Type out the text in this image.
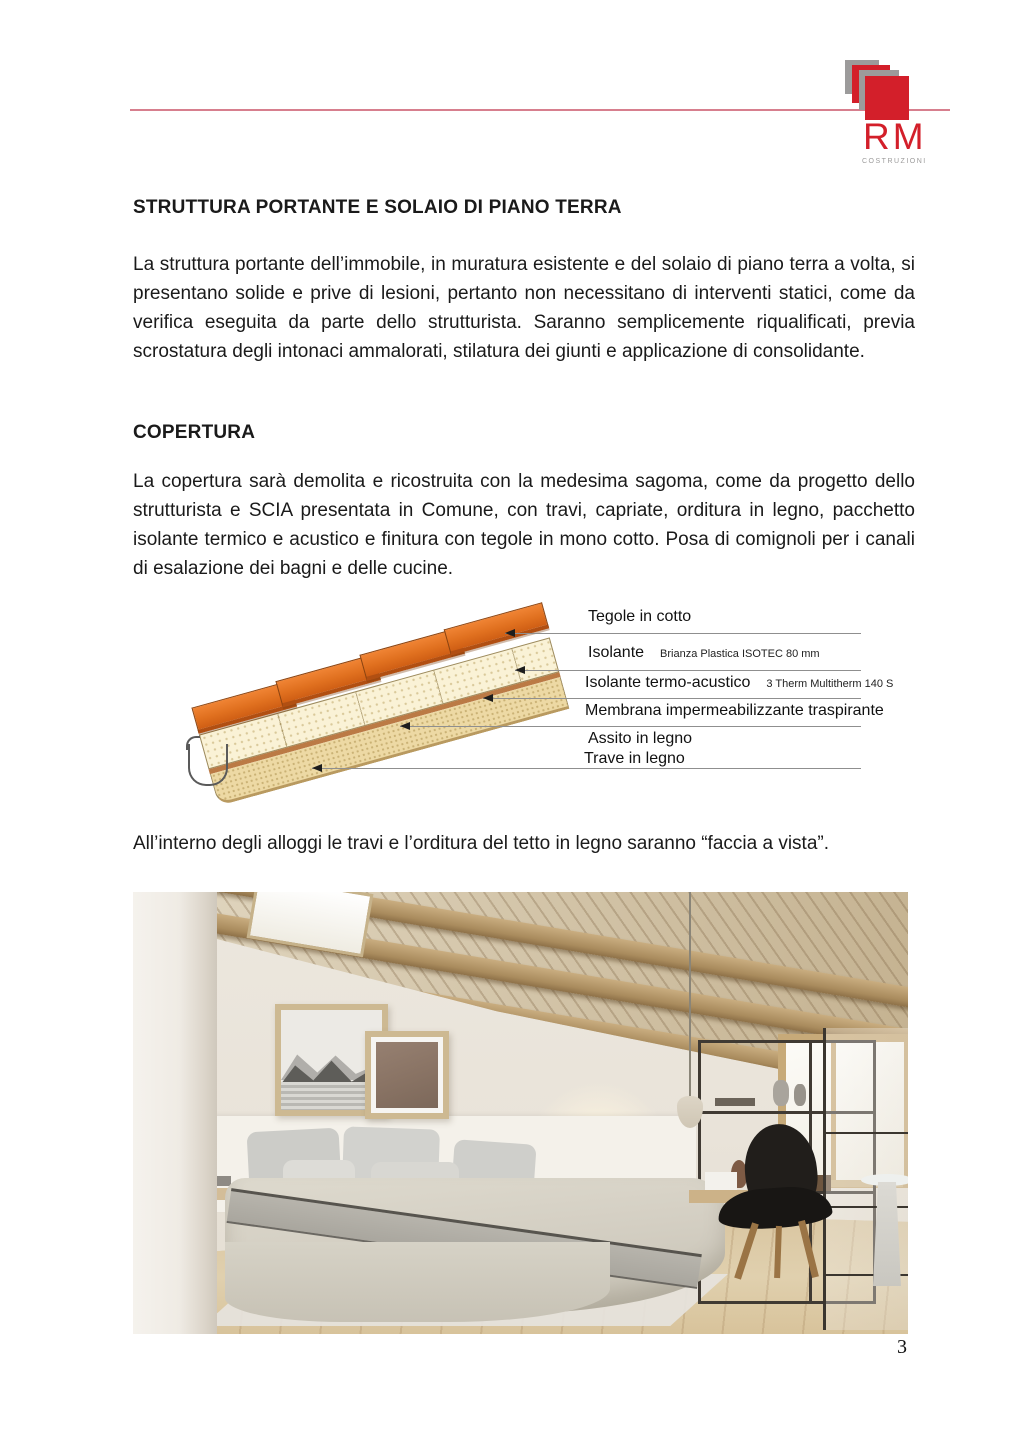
RM
COSTRUZIONI
STRUTTURA PORTANTE E SOLAIO DI PIANO TERRA
La struttura portante dell’immobile, in muratura esistente e del solaio di piano terra a volta, si presentano solide e prive di lesioni, pertanto non necessitano di interventi statici, come da verifica eseguita da parte dello strutturista. Saranno semplicemente riqualificati, previa scrostatura degli intonaci ammalorati, stilatura dei giunti e applicazione di consolidante.
COPERTURA
La copertura sarà demolita e ricostruita con la medesima sagoma, come da progetto dello strutturista e SCIA presentata in Comune, con travi, capriate, orditura in legno, pacchetto isolante termico e acustico e finitura con tegole in mono cotto. Posa di comignoli per i canali di esalazione dei bagni e delle cucine.
Tegole in cotto
Isolante Brianza Plastica ISOTEC 80 mm
Isolante termo-acustico 3 Therm Multitherm 140 S
Membrana impermeabilizzante traspirante
Assito in legno
Trave in legno
All’interno degli alloggi le travi e l’orditura del tetto in legno saranno “faccia a vista”.
3
